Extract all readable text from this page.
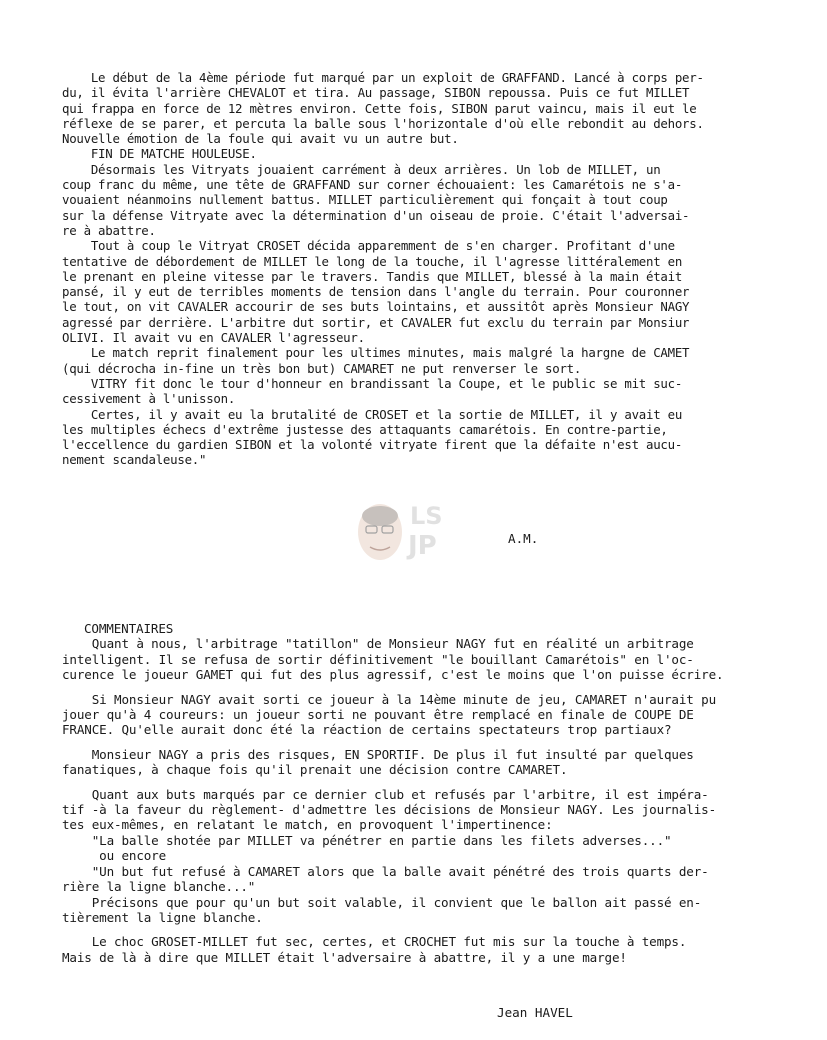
Le début de la 4ème période fut marqué par un exploit de GRAFFAND. Lancé à corps per-
du, il évita l'arrière CHEVALOT et tira. Au passage, SIBON repoussa. Puis ce fut MILLET
qui frappa en force de 12 mètres environ. Cette fois, SIBON parut vaincu, mais il eut le
réflexe de se parer, et percuta la balle sous l'horizontale d'où elle rebondit au dehors.
Nouvelle émotion de la foule qui avait vu un autre but.
FIN DE MATCHE HOULEUSE.
Désormais les Vitryats jouaient carrément à deux arrières. Un lob de MILLET, un
coup franc du même, une tête de GRAFFAND sur corner échouaient: les Camarétois ne s'a-
vouaient néanmoins nullement battus. MILLET particulièrement qui fonçait à tout coup
sur la défense Vitryate avec la détermination d'un oiseau de proie. C'était l'adversai-
re à abattre.
Tout à coup le Vitryat CROSET décida apparemment de s'en charger. Profitant d'une
tentative de débordement de MILLET le long de la touche, il l'agresse littéralement en
le prenant en pleine vitesse par le travers. Tandis que MILLET, blessé à la main était
pansé, il y eut de terribles moments de tension dans l'angle du terrain. Pour couronner
le tout, on vit CAVALER accourir de ses buts lointains, et aussitôt après Monsieur NAGY
agressé par derrière. L'arbitre dut sortir, et CAVALER fut exclu du terrain par Monsiur
OLIVI. Il avait vu en CAVALER l'agresseur.
Le match reprit finalement pour les ultimes minutes, mais malgré la hargne de CAMET
(qui décrocha in-fine un très bon but) CAMARET ne put renverser le sort.
VITRY fit donc le tour d'honneur en brandissant la Coupe, et le public se mit suc-
cessivement à l'unisson.
Certes, il y avait eu la brutalité de CROSET et la sortie de MILLET, il y avait eu
les multiples échecs d'extrême justesse des attaquants camarétois. En contre-partie,
l'eccellence du gardien SIBON et la volonté vitryate firent que la défaite n'est aucu-
nement scandaleuse."
A.M.
LS
JP
COMMENTAIRES
Quant à nous, l'arbitrage "tatillon" de Monsieur NAGY fut en réalité un arbitrage
intelligent. Il se refusa de sortir définitivement "le bouillant Camarétois" en l'oc-
curence le joueur GAMET qui fut des plus agressif, c'est le moins que l'on puisse écrire.
Si Monsieur NAGY avait sorti ce joueur à la 14ème minute de jeu, CAMARET n'aurait pu
jouer qu'à 4 coureurs: un joueur sorti ne pouvant être remplacé en finale de COUPE DE
FRANCE. Qu'elle aurait donc été la réaction de certains spectateurs trop partiaux?
Monsieur NAGY a pris des risques, EN SPORTIF. De plus il fut insulté par quelques
fanatiques, à chaque fois qu'il prenait une décision contre CAMARET.
Quant aux buts marqués par ce dernier club et refusés par l'arbitre, il est impéra-
tif -à la faveur du règlement- d'admettre les décisions de Monsieur NAGY. Les journalis-
tes eux-mêmes, en relatant le match, en provoquent l'impertinence:
"La balle shotée par MILLET va pénétrer en partie dans les filets adverses..."
ou encore
"Un but fut refusé à CAMARET alors que la balle avait pénétré des trois quarts der-
rière la ligne blanche..."
Précisons que pour qu'un but soit valable, il convient que le ballon ait passé en-
tièrement la ligne blanche.
Le choc GROSET-MILLET fut sec, certes, et CROCHET fut mis sur la touche à temps.
Mais de là à dire que MILLET était l'adversaire à abattre, il y a une marge!
Jean HAVEL
